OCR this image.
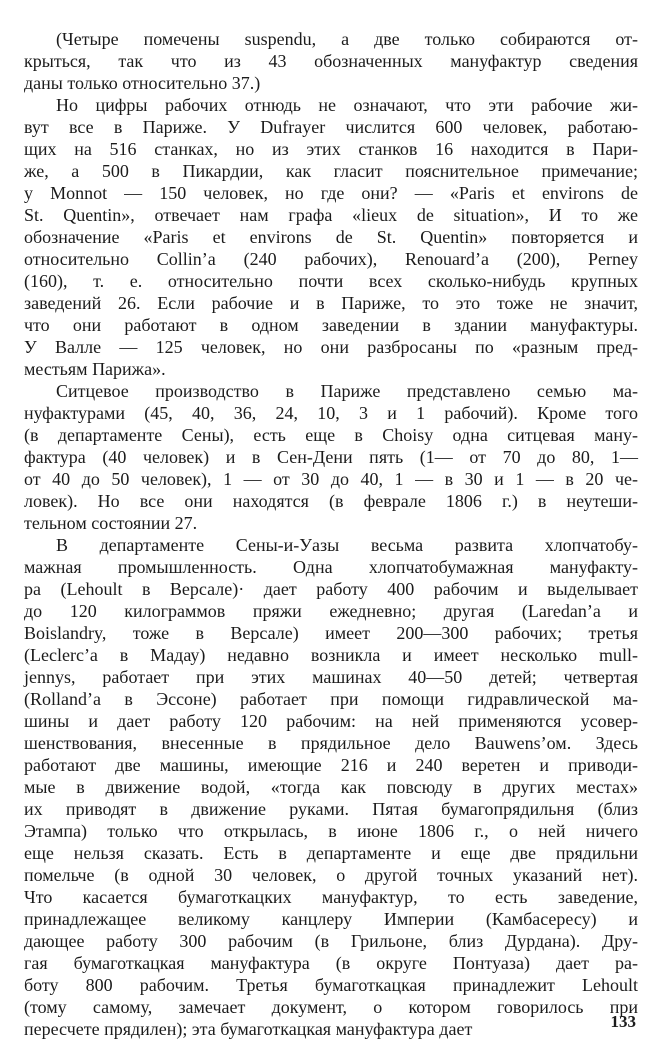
(Четыре помечены suspendu, а две только собираются от-
крыться, так что из 43 обозначенных мануфактур сведения
даны только относительно 37.)
Но цифры рабочих отнюдь не означают, что эти рабочие жи-
вут все в Париже. У Dufrayer числится 600 человек, работаю-
щих на 516 станках, но из этих станков 16 находится в Пари-
же, а 500 в Пикардии, как гласит пояснительное примечание;
у Monnot — 150 человек, но где они? — «Paris et environs de
St. Quentin», отвечает нам графа «lieux de situation», И то же
обозначение «Paris et environs de St. Quentin» повторяется и
относительно Collin’a (240 рабочих), Renouard’a (200), Perney
(160), т. е. относительно почти всех сколько-нибудь крупных
заведений 26. Если рабочие и в Париже, то это тоже не значит,
что они работают в одном заведении в здании мануфактуры.
У Валле — 125 человек, но они разбросаны по «разным пред-
местьям Парижа».
Ситцевое производство в Париже представлено семью ма-
нуфактурами (45, 40, 36, 24, 10, 3 и 1 рабочий). Кроме того
(в департаменте Сены), есть еще в Choisy одна ситцевая ману-
фактура (40 человек) и в Сен-Дени пять (1— от 70 до 80, 1—
от 40 до 50 человек), 1 — от 30 до 40, 1 — в 30 и 1 — в 20 че-
ловек). Но все они находятся (в феврале 1806 г.) в неутеши-
тельном состоянии 27.
В департаменте Сены-и-Уазы весьма развита хлопчатобу-
мажная промышленность. Одна хлопчатобумажная мануфакту-
ра (Lehoult в Версале)· дает работу 400 рабочим и выделывает
до 120 килограммов пряжи ежедневно; другая (Laredan’a и
Boislandry, тоже в Версале) имеет 200—300 рабочих; третья
(Leclerc’a в Мадау) недавно возникла и имеет несколько mull-
jennys, работает при этих машинах 40—50 детей; четвертая
(Rolland’a в Эссоне) работает при помощи гидравлической ма-
шины и дает работу 120 рабочим: на ней применяются усовер-
шенствования, внесенные в прядильное дело Bauwens’ом. Здесь
работают две машины, имеющие 216 и 240 веретен и приводи-
мые в движение водой, «тогда как повсюду в других местах»
их приводят в движение руками. Пятая бумагопрядильня (близ
Этампа) только что открылась, в июне 1806 г., о ней ничего
еще нельзя сказать. Есть в департаменте и еще две прядильни
помельче (в одной 30 человек, о другой точных указаний нет).
Что касается бумаготкацких мануфактур, то есть заведение,
принадлежащее великому канцлеру Империи (Камбасересу) и
дающее работу 300 рабочим (в Грильоне, близ Дурдана). Дру-
гая бумаготкацкая мануфактура (в округе Понтуаза) дает ра-
боту 800 рабочим. Третья бумаготкацкая принадлежит Lehoult
(тому самому, замечает документ, о котором говорилось при
пересчете прядилен); эта бумаготкацкая мануфактура дает	133
